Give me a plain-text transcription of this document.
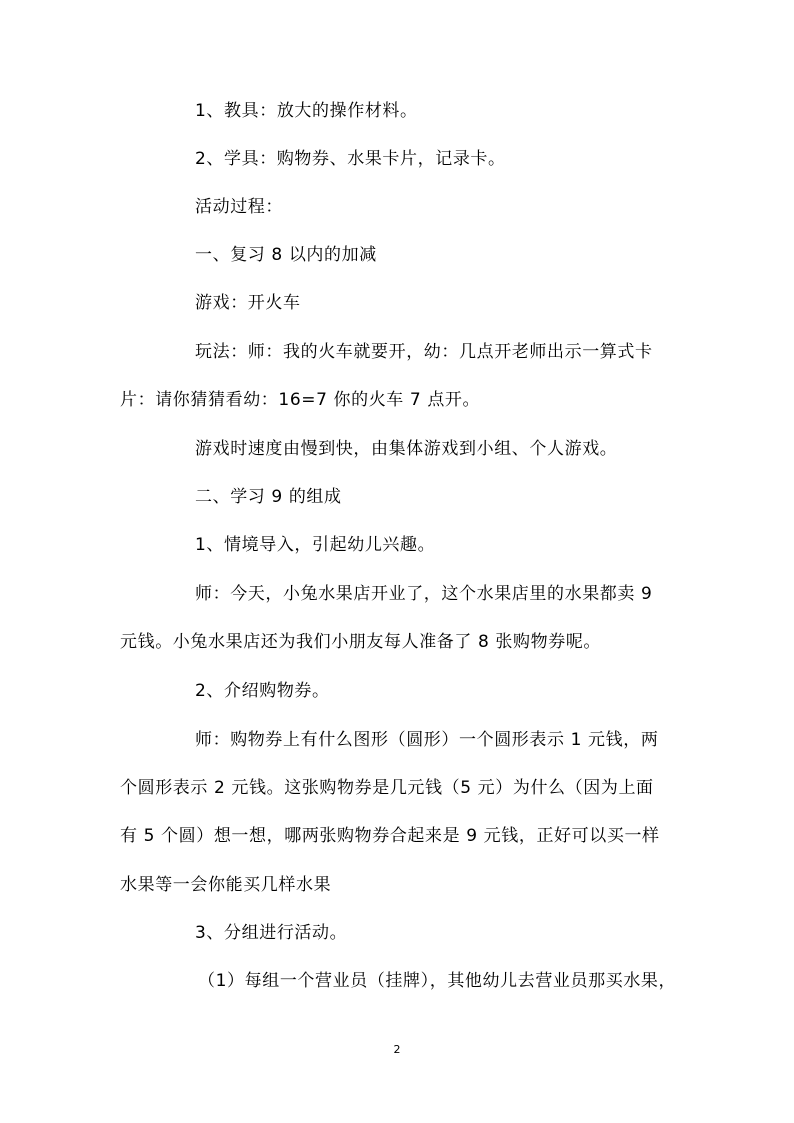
1、教具：放大的操作材料。
2、学具：购物券、水果卡片，记录卡。
活动过程：
一、复习 8 以内的加减
游戏：开火车
玩法：师：我的火车就要开，幼：几点开老师出示一算式卡
片：请你猜猜看幼：16=7 你的火车 7 点开。
游戏时速度由慢到快，由集体游戏到小组、个人游戏。
二、学习 9 的组成
1、情境导入，引起幼儿兴趣。
师：今天，小兔水果店开业了，这个水果店里的水果都卖 9
元钱。小兔水果店还为我们小朋友每人准备了 8 张购物券呢。
2、介绍购物券。
师：购物券上有什么图形（圆形）一个圆形表示 1 元钱，两
个圆形表示 2 元钱。这张购物券是几元钱（5 元）为什么（因为上面
有 5 个圆）想一想，哪两张购物券合起来是 9 元钱，正好可以买一样
水果等一会你能买几样水果
3、分组进行活动。
（1）每组一个营业员（挂牌），其他幼儿去营业员那买水果，
2
